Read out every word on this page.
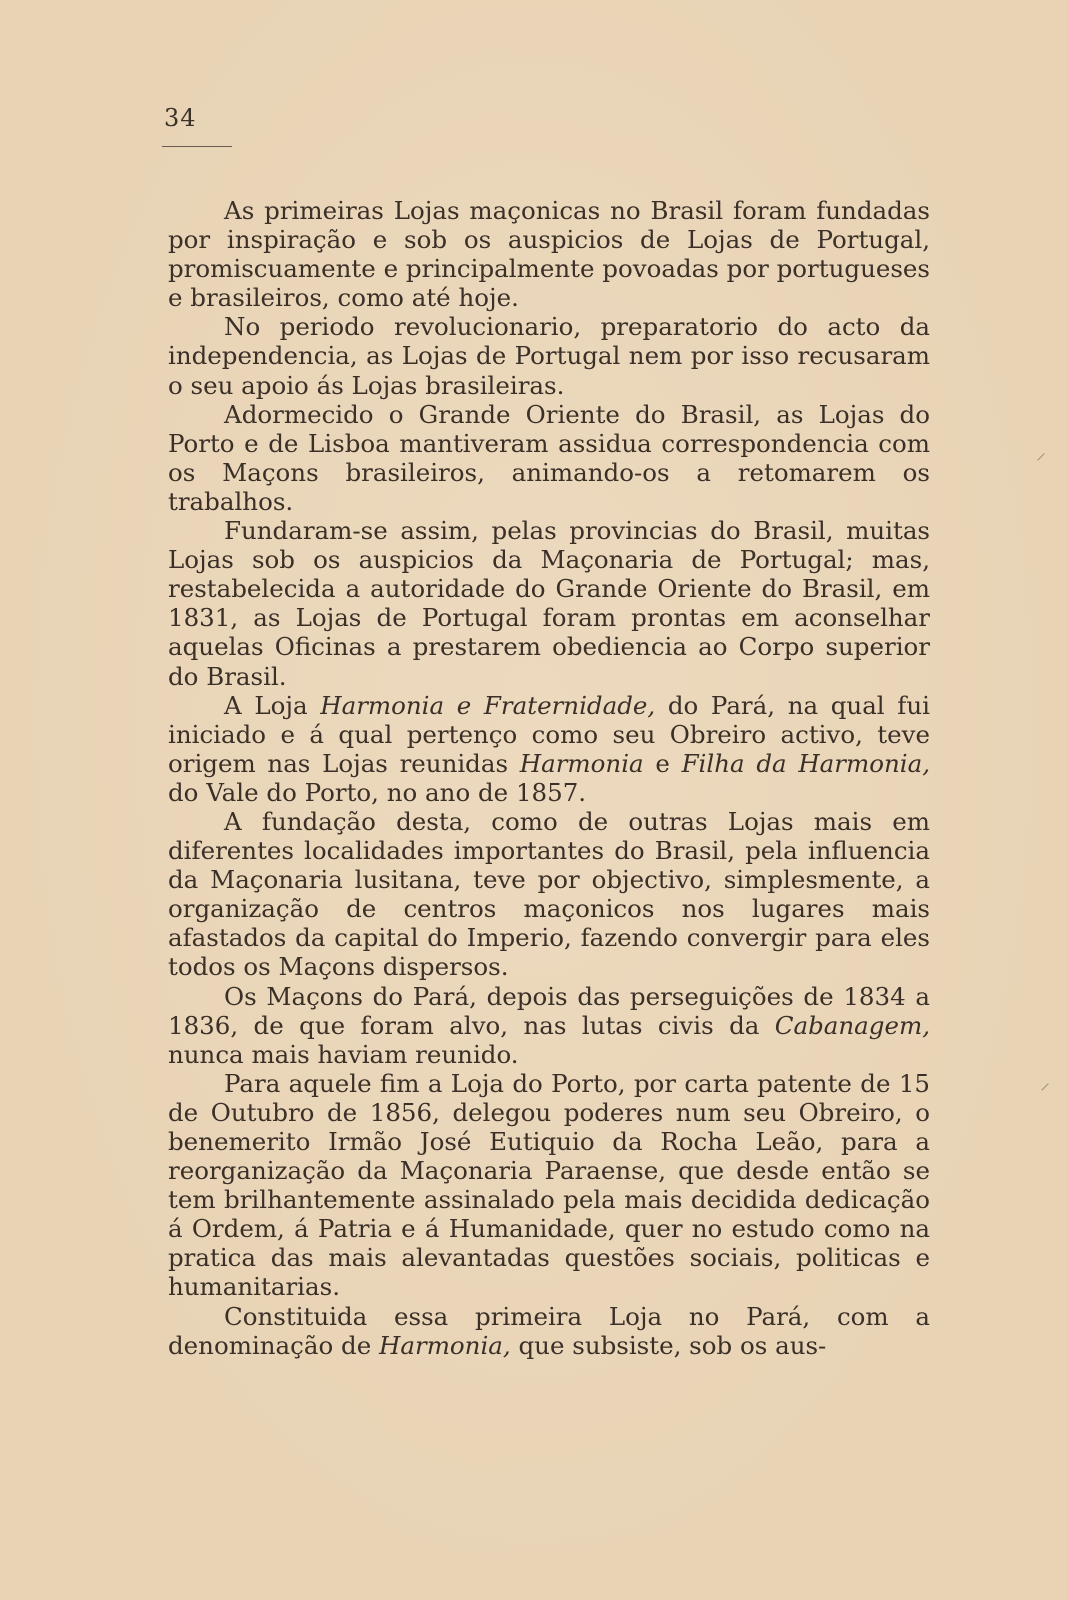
34

As primeiras Lojas maçonicas no Brasil foram fundadas por inspiração e sob os auspicios de Lojas de Portugal, promiscuamente e principalmente povoadas por portugueses e brasileiros, como até hoje.

No periodo revolucionario, preparatorio do acto da independencia, as Lojas de Portugal nem por isso recusaram o seu apoio ás Lojas brasileiras.

Adormecido o Grande Oriente do Brasil, as Lojas do Porto e de Lisboa mantiveram assidua correspondencia com os Maçons brasileiros, animando-os a retomarem os trabalhos.

Fundaram-se assim, pelas provincias do Brasil, muitas Lojas sob os auspicios da Maçonaria de Portugal; mas, restabelecida a autoridade do Grande Oriente do Brasil, em 1831, as Lojas de Portugal foram prontas em aconselhar aquelas Oficinas a prestarem obediencia ao Corpo superior do Brasil.

A Loja Harmonia e Fraternidade, do Pará, na qual fui iniciado e á qual pertenço como seu Obreiro activo, teve origem nas Lojas reunidas Harmonia e Filha da Harmonia, do Vale do Porto, no ano de 1857.

A fundação desta, como de outras Lojas mais em diferentes localidades importantes do Brasil, pela influencia da Maçonaria lusitana, teve por objectivo, simplesmente, a organização de centros maçonicos nos lugares mais afastados da capital do Imperio, fazendo convergir para eles todos os Maçons dispersos.

Os Maçons do Pará, depois das perseguições de 1834 a 1836, de que foram alvo, nas lutas civis da Cabanagem, nunca mais haviam reunido.

Para aquele fim a Loja do Porto, por carta patente de 15 de Outubro de 1856, delegou poderes num seu Obreiro, o benemerito Irmão José Eutiquio da Rocha Leão, para a reorganização da Maçonaria Paraense, que desde então se tem brilhantemente assinalado pela mais decidida dedicação á Ordem, á Patria e á Humanidade, quer no estudo como na pratica das mais alevantadas questões sociais, politicas e humanitarias.

Constituida essa primeira Loja no Pará, com a denominação de Harmonia, que subsiste, sob os aus-

⸝
⸝
